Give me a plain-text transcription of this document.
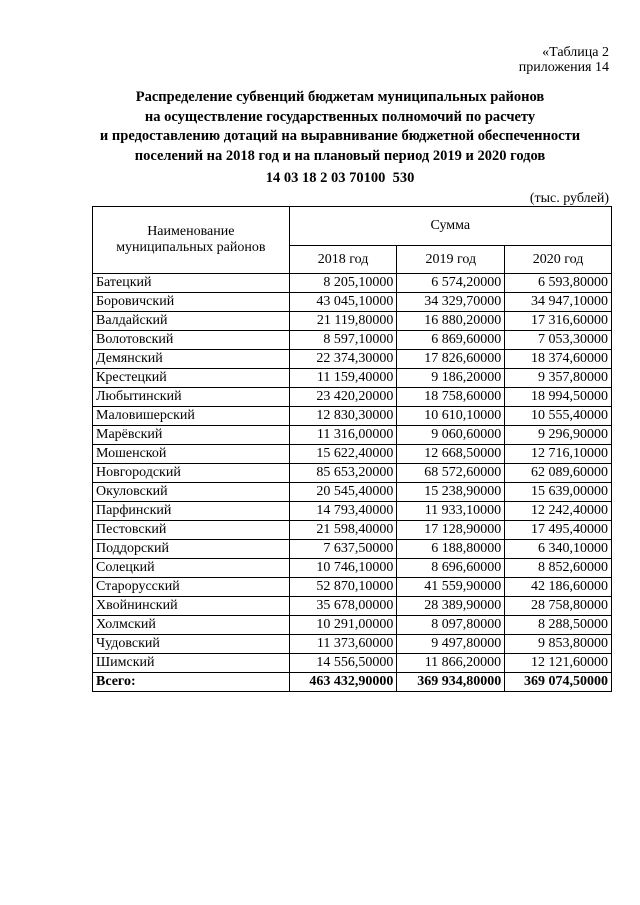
«Таблица 2
приложения 14
Распределение субвенций бюджетам муниципальных районов
на осуществление государственных полномочий по расчету
и предоставлению дотаций на выравнивание бюджетной обеспеченности
поселений на 2018 год и на плановый период 2019 и 2020 годов
14 03 18 2 03 70100  530
(тыс. рублей)
Наименование муниципальных районов	Сумма		
	2018 год	2019 год	2020 год
Батецкий	8 205,10000	6 574,20000	6 593,80000
Боровичский	43 045,10000	34 329,70000	34 947,10000
Валдайский	21 119,80000	16 880,20000	17 316,60000
Волотовский	8 597,10000	6 869,60000	7 053,30000
Демянский	22 374,30000	17 826,60000	18 374,60000
Крестецкий	11 159,40000	9 186,20000	9 357,80000
Любытинский	23 420,20000	18 758,60000	18 994,50000
Маловишерский	12 830,30000	10 610,10000	10 555,40000
Марёвский	11 316,00000	9 060,60000	9 296,90000
Мошенской	15 622,40000	12 668,50000	12 716,10000
Новгородский	85 653,20000	68 572,60000	62 089,60000
Окуловский	20 545,40000	15 238,90000	15 639,00000
Парфинский	14 793,40000	11 933,10000	12 242,40000
Пестовский	21 598,40000	17 128,90000	17 495,40000
Поддорский	7 637,50000	6 188,80000	6 340,10000
Солецкий	10 746,10000	8 696,60000	8 852,60000
Старорусский	52 870,10000	41 559,90000	42 186,60000
Хвойнинский	35 678,00000	28 389,90000	28 758,80000
Холмский	10 291,00000	8 097,80000	8 288,50000
Чудовский	11 373,60000	9 497,80000	9 853,80000
Шимский	14 556,50000	11 866,20000	12 121,60000
Всего:	463 432,90000	369 934,80000	369 074,50000
